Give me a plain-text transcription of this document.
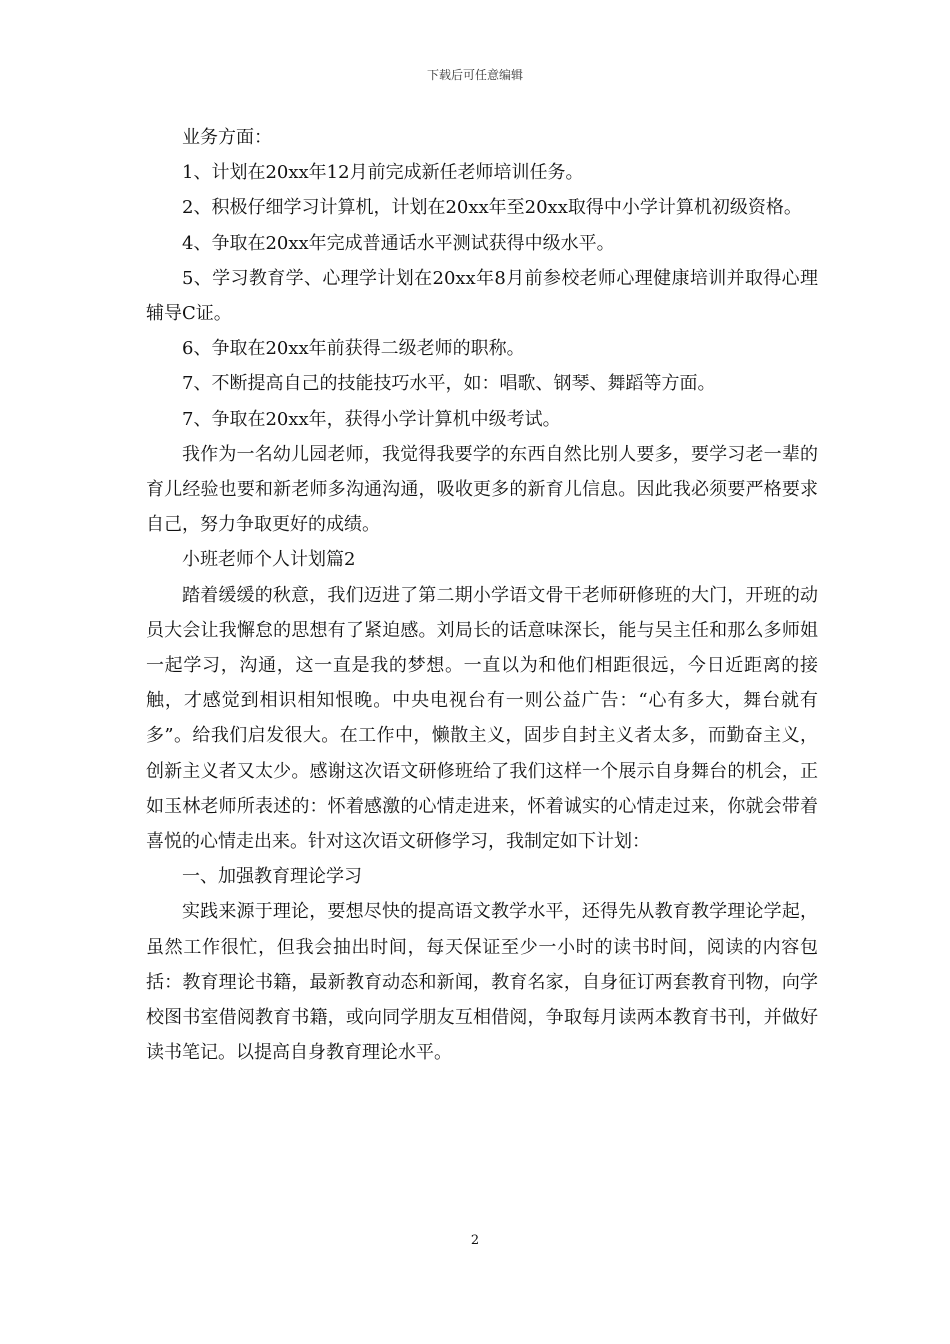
下载后可任意编辑

业务方面：

1、计划在20xx年12月前完成新任老师培训任务。

2、积极仔细学习计算机，计划在20xx年至20xx取得中小学计算机初级资格。

4、争取在20xx年完成普通话水平测试获得中级水平。

5、学习教育学、心理学计划在20xx年8月前参校老师心理健康培训并取得心理辅导C证。

6、争取在20xx年前获得二级老师的职称。

7、不断提高自己的技能技巧水平，如：唱歌、钢琴、舞蹈等方面。

7、争取在20xx年，获得小学计算机中级考试。

我作为一名幼儿园老师，我觉得我要学的东西自然比别人要多，要学习老一辈的育儿经验也要和新老师多沟通沟通，吸收更多的新育儿信息。因此我必须要严格要求自己，努力争取更好的成绩。

小班老师个人计划篇2

踏着缓缓的秋意，我们迈进了第二期小学语文骨干老师研修班的大门，开班的动员大会让我懈怠的思想有了紧迫感。刘局长的话意味深长，能与吴主任和那么多师姐一起学习，沟通，这一直是我的梦想。一直以为和他们相距很远，今日近距离的接触，才感觉到相识相知恨晚。中央电视台有一则公益广告：“心有多大，舞台就有多”。给我们启发很大。在工作中，懒散主义，固步自封主义者太多，而勤奋主义，创新主义者又太少。感谢这次语文研修班给了我们这样一个展示自身舞台的机会，正如玉林老师所表述的：怀着感激的心情走进来，怀着诚实的心情走过来，你就会带着喜悦的心情走出来。针对这次语文研修学习，我制定如下计划：

一、加强教育理论学习

实践来源于理论，要想尽快的提高语文教学水平，还得先从教育教学理论学起，虽然工作很忙，但我会抽出时间，每天保证至少一小时的读书时间，阅读的内容包括：教育理论书籍，最新教育动态和新闻，教育名家，自身征订两套教育刊物，向学校图书室借阅教育书籍，或向同学朋友互相借阅，争取每月读两本教育书刊，并做好读书笔记。以提高自身教育理论水平。

2
